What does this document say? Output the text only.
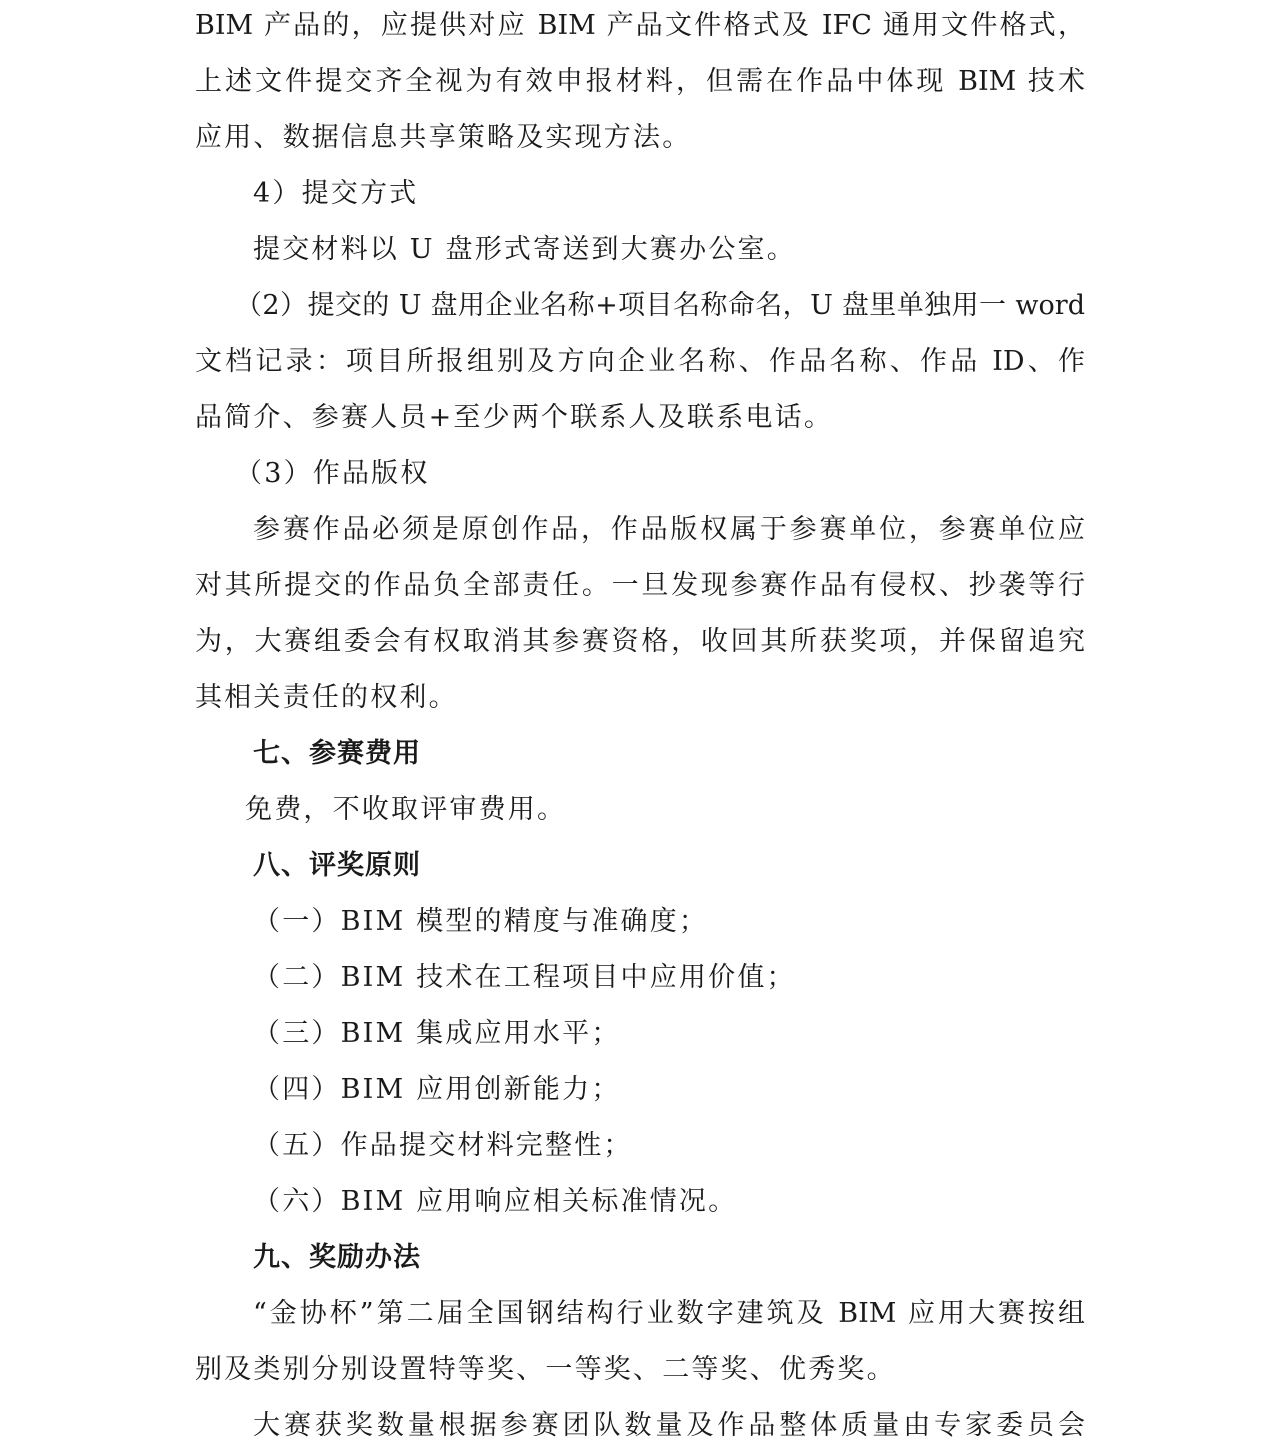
BIM 产品的，应提供对应 BIM 产品文件格式及 IFC 通用文件格式，
上述文件提交齐全视为有效申报材料，但需在作品中体现 BIM 技术
应用、数据信息共享策略及实现方法。
4）提交方式
提交材料以 U 盘形式寄送到大赛办公室。
（2）提交的 U 盘用企业名称+项目名称命名，U 盘里单独用一 word
文档记录：项目所报组别及方向企业名称、作品名称、作品 ID、作
品简介、参赛人员+至少两个联系人及联系电话。
（3）作品版权
参赛作品必须是原创作品，作品版权属于参赛单位，参赛单位应
对其所提交的作品负全部责任。一旦发现参赛作品有侵权、抄袭等行
为，大赛组委会有权取消其参赛资格，收回其所获奖项，并保留追究
其相关责任的权利。
七、参赛费用
免费，不收取评审费用。
八、评奖原则
（一）BIM 模型的精度与准确度；
（二）BIM 技术在工程项目中应用价值；
（三）BIM 集成应用水平；
（四）BIM 应用创新能力；
（五）作品提交材料完整性；
（六）BIM 应用响应相关标准情况。
九、奖励办法
“金协杯”第二届全国钢结构行业数字建筑及 BIM 应用大赛按组
别及类别分别设置特等奖、一等奖、二等奖、优秀奖。
大赛获奖数量根据参赛团队数量及作品整体质量由专家委员会
